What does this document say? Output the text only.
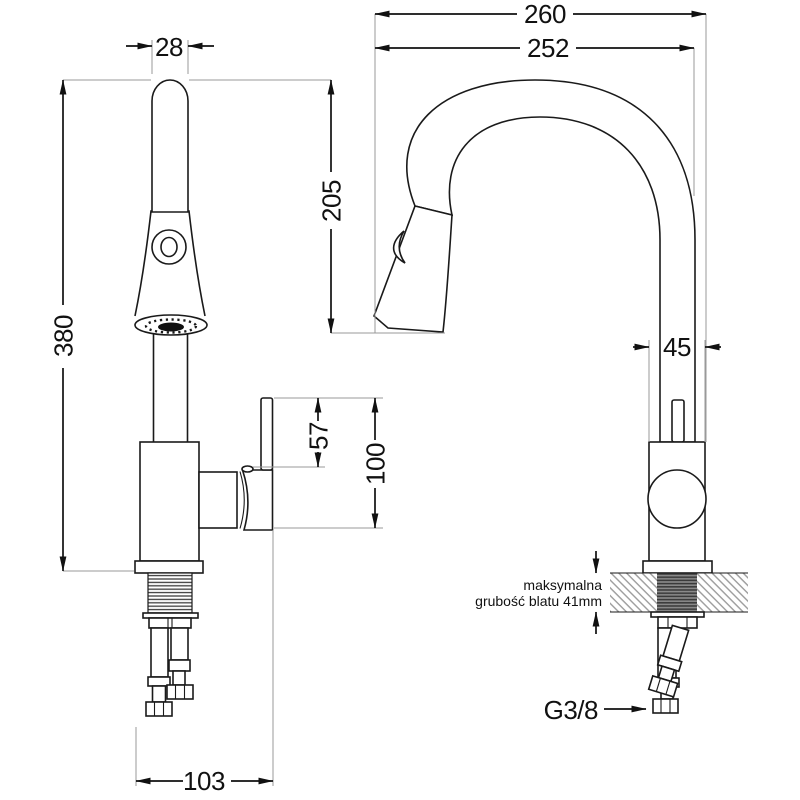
28
380
260
252
205
45
57
100
103
G3/8
maksymalna
grubość blatu 41mm
